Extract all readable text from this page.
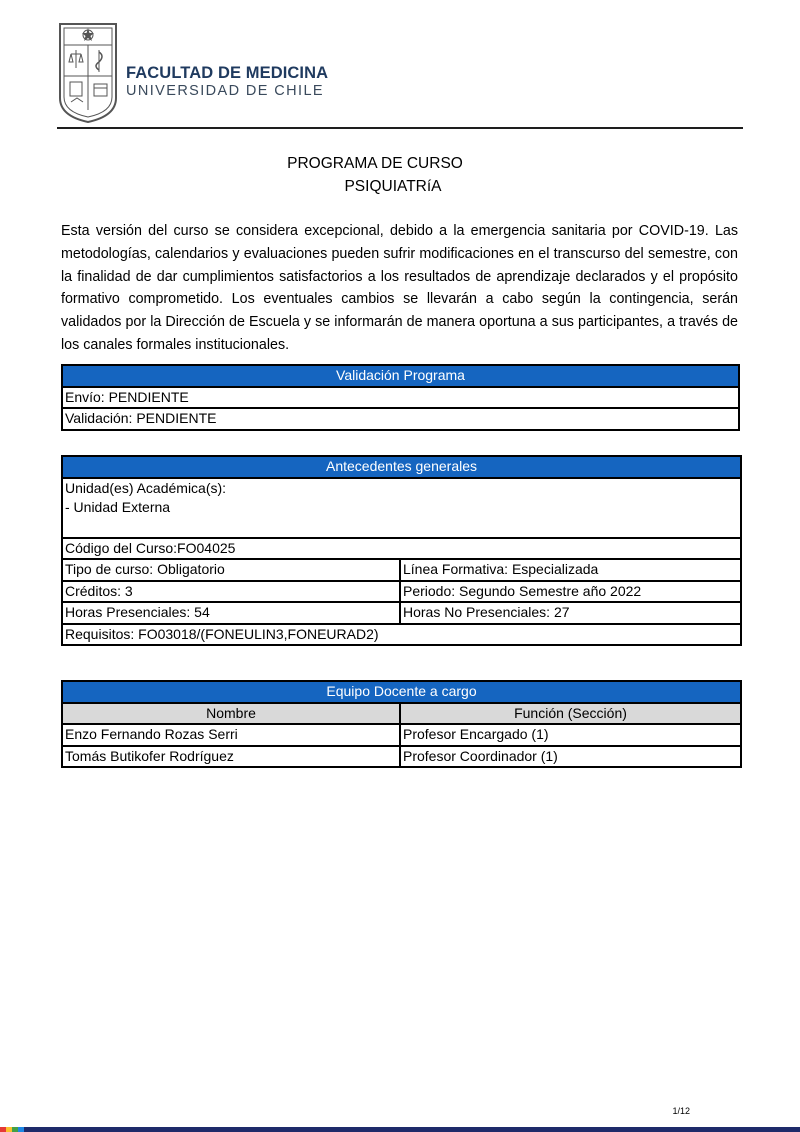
FACULTAD DE MEDICINA
UNIVERSIDAD DE CHILE
PROGRAMA DE CURSO
PSIQUIATRíA

Esta versión del curso se considera excepcional, debido a la emergencia sanitaria por COVID-19. Las metodologías, calendarios y evaluaciones pueden sufrir modificaciones en el transcurso del semestre, con la finalidad de dar cumplimientos satisfactorios a los resultados de aprendizaje declarados y el propósito formativo comprometido. Los eventuales cambios se llevarán a cabo según la contingencia, serán validados por la Dirección de Escuela y se informarán de manera oportuna a sus participantes, a través de los canales formales institucionales.

Validación Programa
Envío: PENDIENTE
Validación: PENDIENTE
Antecedentes generales	

Unidad(es) Académica(s):
- Unidad Externa	

Código del Curso:FO04025	
Tipo de curso: Obligatorio	Línea Formativa: Especializada
Créditos: 3	Periodo: Segundo Semestre año 2022
Horas Presenciales: 54	Horas No Presenciales: 27
Requisitos: FO03018/(FONEULIN3,FONEURAD2)	
Equipo Docente a cargo	
Nombre	Función (Sección)
Enzo Fernando Rozas Serri	Profesor Encargado (1)
Tomás Butikofer Rodríguez	Profesor Coordinador (1)
1/12
